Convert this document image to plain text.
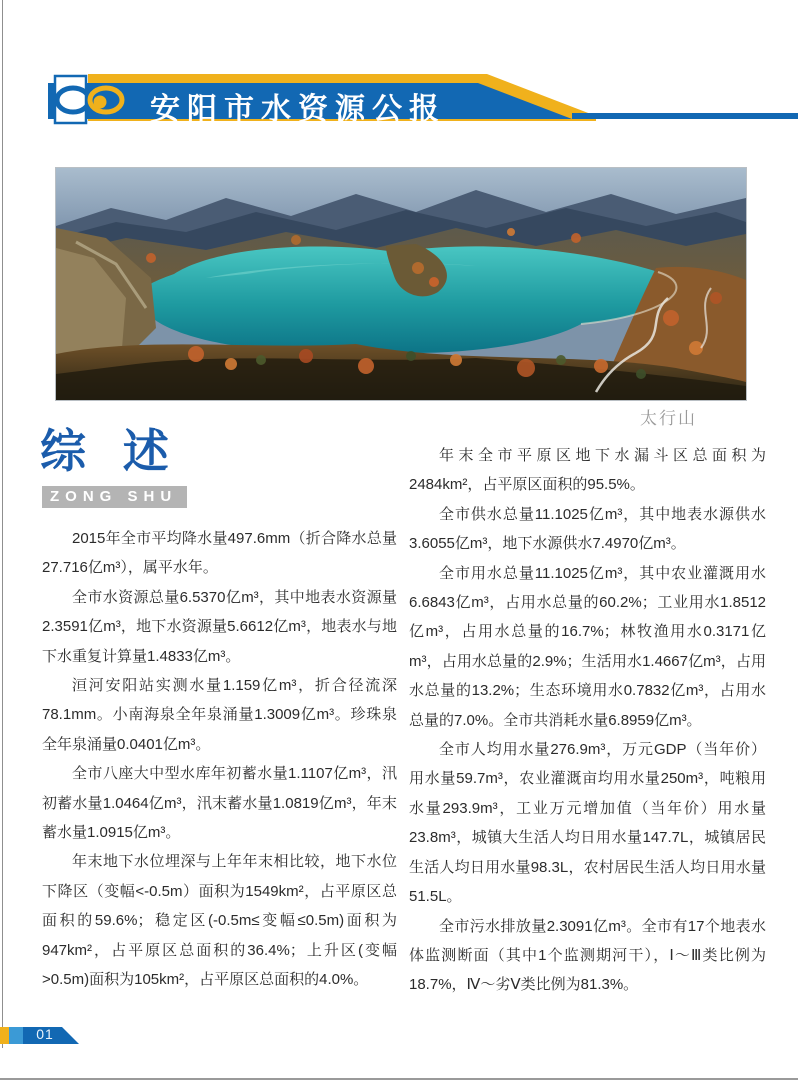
安阳市水资源公报
太行山
综 述
ZONG SHU

2015年全市平均降水量497.6mm（折合降水总量27.716亿m³），属平水年。

全市水资源总量6.5370亿m³，其中地表水资源量2.3591亿m³，地下水资源量5.6612亿m³，地表水与地下水重复计算量1.4833亿m³。

洹河安阳站实测水量1.159亿m³，折合径流深78.1mm。小南海泉全年泉涌量1.3009亿m³。珍珠泉全年泉涌量0.0401亿m³。

全市八座大中型水库年初蓄水量1.1107亿m³，汛初蓄水量1.0464亿m³，汛末蓄水量1.0819亿m³，年末蓄水量1.0915亿m³。

年末地下水位埋深与上年年末相比较，地下水位下降区（变幅<-0.5m）面积为1549km²，占平原区总面积的59.6%；稳定区(-0.5m≤变幅≤0.5m)面积为947km²，占平原区总面积的36.4%；上升区(变幅>0.5m)面积为105km²，占平原区总面积的4.0%。

年末全市平原区地下水漏斗区总面积为2484km²，占平原区面积的95.5%。

全市供水总量11.1025亿m³，其中地表水源供水3.6055亿m³，地下水源供水7.4970亿m³。

全市用水总量11.1025亿m³，其中农业灌溉用水6.6843亿m³，占用水总量的60.2%；工业用水1.8512亿m³，占用水总量的16.7%；林牧渔用水0.3171亿m³，占用水总量的2.9%；生活用水1.4667亿m³，占用水总量的13.2%；生态环境用水0.7832亿m³，占用水总量的7.0%。全市共消耗水量6.8959亿m³。

全市人均用水量276.9m³，万元GDP（当年价）用水量59.7m³，农业灌溉亩均用水量250m³，吨粮用水量293.9m³，工业万元增加值（当年价）用水量23.8m³，城镇大生活人均日用水量147.7L，城镇居民生活人均日用水量98.3L，农村居民生活人均日用水量51.5L。

全市污水排放量2.3091亿m³。全市有17个地表水体监测断面（其中1个监测期河干），Ⅰ～Ⅲ类比例为18.7%，Ⅳ～劣Ⅴ类比例为81.3%。

01
